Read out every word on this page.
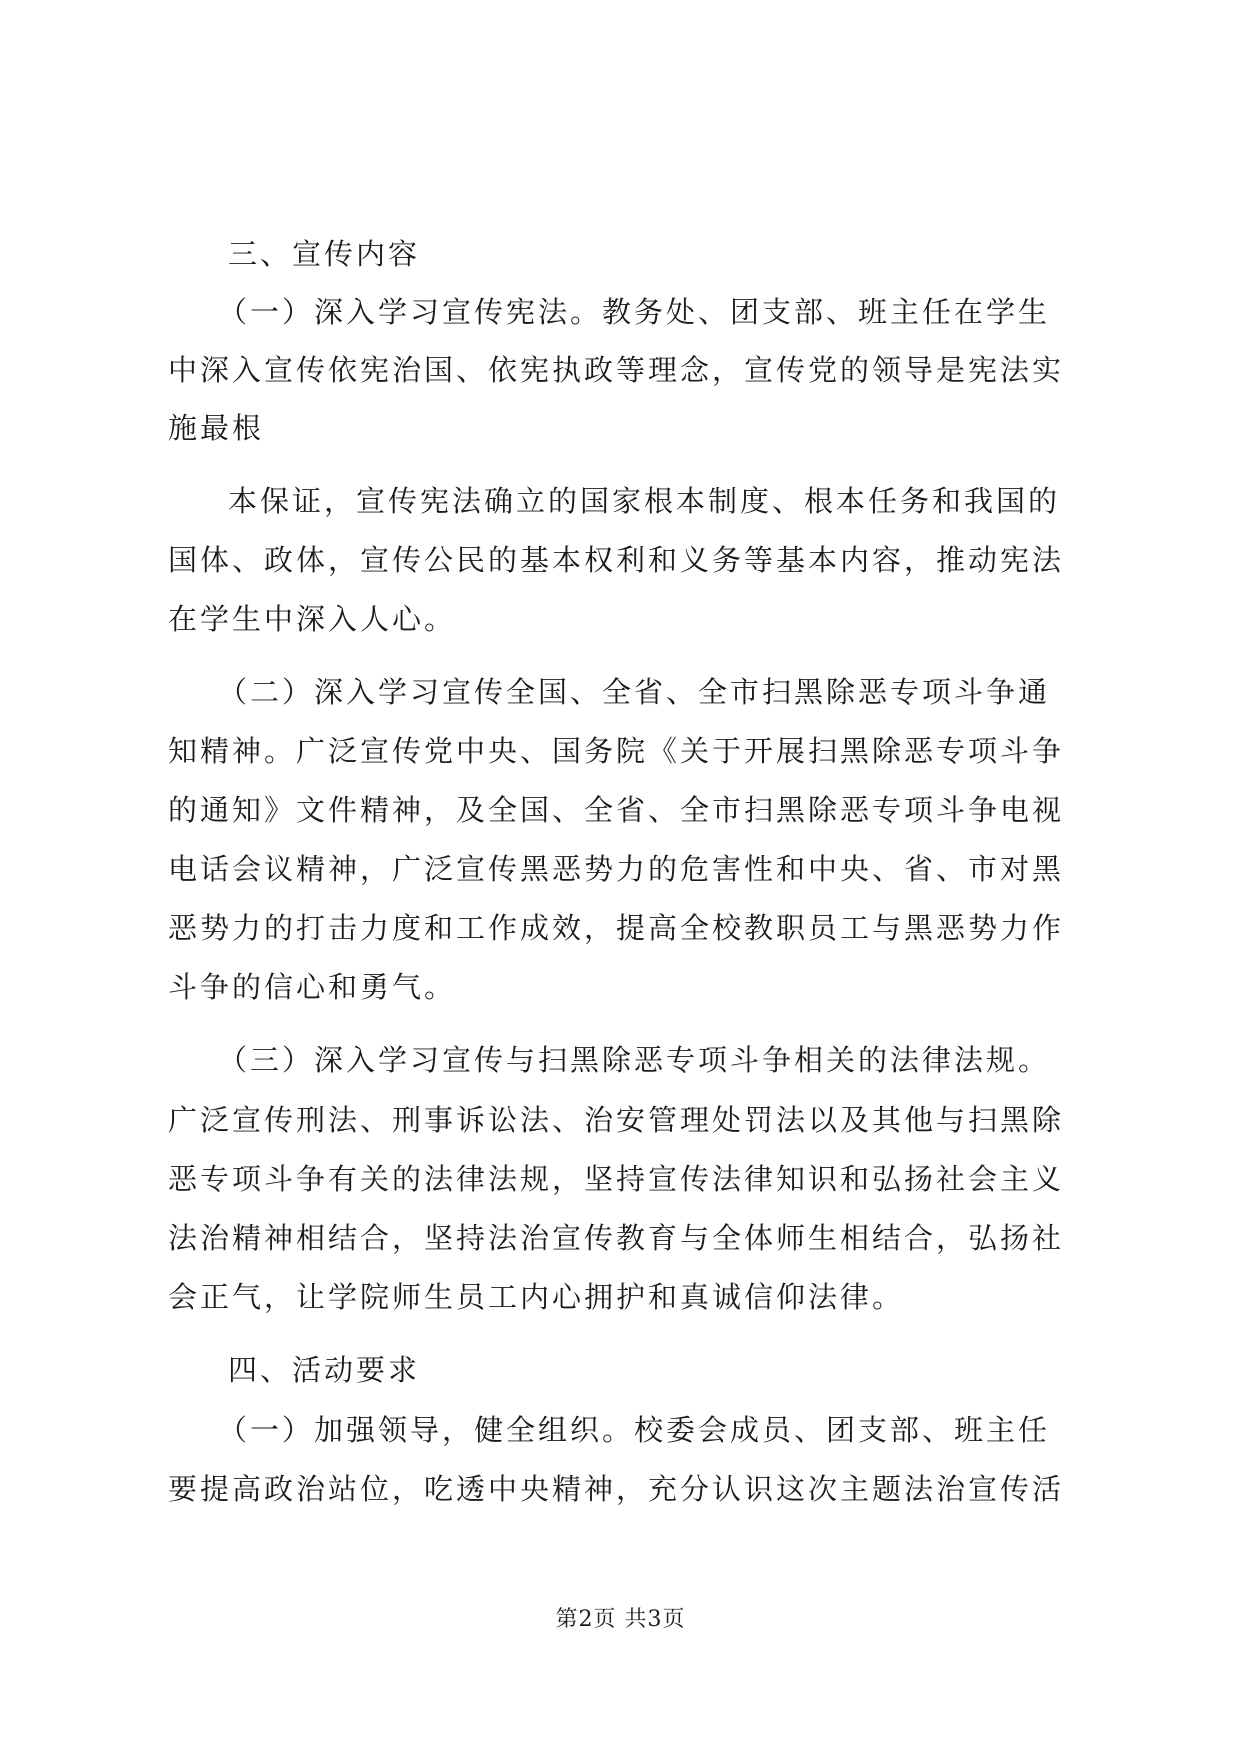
三、宣传内容
（一）深入学习宣传宪法。教务处、团支部、班主任在学生
中深入宣传依宪治国、依宪执政等理念，宣传党的领导是宪法实
施最根
本保证，宣传宪法确立的国家根本制度、根本任务和我国的
国体、政体，宣传公民的基本权利和义务等基本内容，推动宪法
在学生中深入人心。
（二）深入学习宣传全国、全省、全市扫黑除恶专项斗争通
知精神。广泛宣传党中央、国务院《关于开展扫黑除恶专项斗争
的通知》文件精神，及全国、全省、全市扫黑除恶专项斗争电视
电话会议精神，广泛宣传黑恶势力的危害性和中央、省、市对黑
恶势力的打击力度和工作成效，提高全校教职员工与黑恶势力作
斗争的信心和勇气。
（三）深入学习宣传与扫黑除恶专项斗争相关的法律法规。
广泛宣传刑法、刑事诉讼法、治安管理处罚法以及其他与扫黑除
恶专项斗争有关的法律法规，坚持宣传法律知识和弘扬社会主义
法治精神相结合，坚持法治宣传教育与全体师生相结合，弘扬社
会正气，让学院师生员工内心拥护和真诚信仰法律。
四、活动要求
（一）加强领导，健全组织。校委会成员、团支部、班主任
要提高政治站位，吃透中央精神，充分认识这次主题法治宣传活
第2页 共3页
